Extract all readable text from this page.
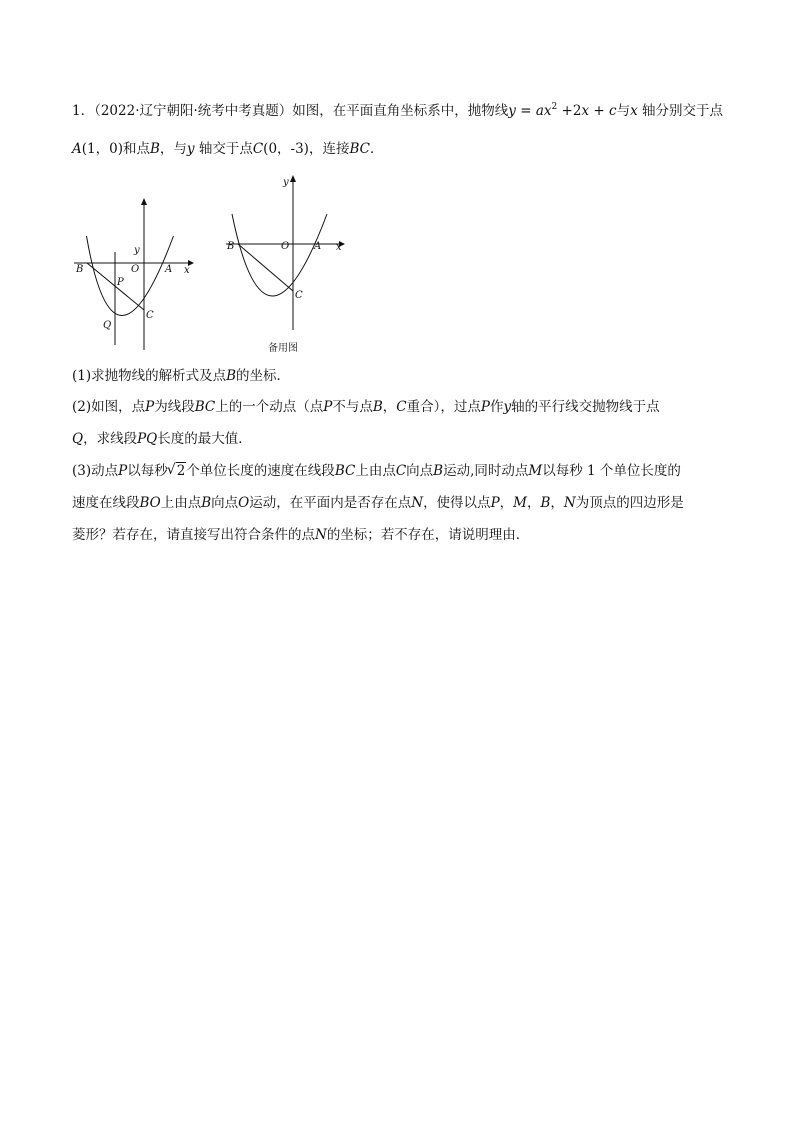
1．（2022·辽宁朝阳·统考中考真题）如图，在平面直角坐标系中，抛物线$y = ax^2 +2x + c$与x 轴分别交于点
A(1，0)和点B，与y 轴交于点C(0，-3)，连接BC．
y
x
B	O	A
P
Q
C
y
x
B	O A
C
备用图
(1)求抛物线的解析式及点B的坐标．
(2)如图，点P为线段BC上的一个动点（点P不与点B，C重合），过点P作y轴的平行线交抛物线于点
Q，求线段PQ长度的最大值．
(3)动点P以每秒√ 2个单位长度的速度在线段BC上由点C向点B运动,同时动点M以每秒 1 个单位长度的
速度在线段BO上由点B向点O运动，在平面内是否存在点N，使得以点P，M，B，N为顶点的四边形是
菱形？若存在，请直接写出符合条件的点N的坐标；若不存在，请说明理由．
